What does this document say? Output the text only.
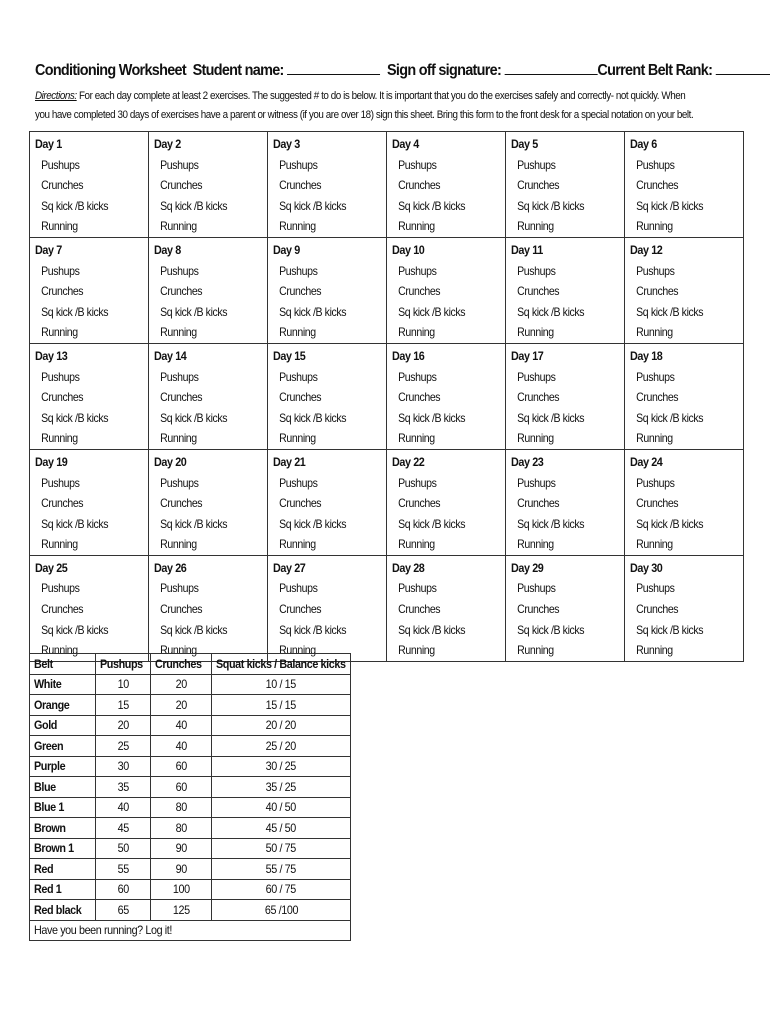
Conditioning Worksheet Student name:	Sign off signature:	Current Belt Rank:
Directions: For each day complete at least 2 exercises. The suggested # to do is below. It is important that you do the exercises safely and correctly- not quickly. When
you have completed 30 days of exercises have a parent or witness (if you are over 18) sign this sheet. Bring this form to the front desk for a special notation on your belt.
Day 1
Pushups
Crunches
Sq kick /B kicks
Running	Day 2
Pushups
Crunches
Sq kick /B kicks
Running	Day 3
Pushups
Crunches
Sq kick /B kicks
Running	Day 4
Pushups
Crunches
Sq kick /B kicks
Running	Day 5
Pushups
Crunches
Sq kick /B kicks
Running	Day 6
Pushups
Crunches
Sq kick /B kicks
Running

Day 7
Pushups
Crunches
Sq kick /B kicks
Running	Day 8
Pushups
Crunches
Sq kick /B kicks
Running	Day 9
Pushups
Crunches
Sq kick /B kicks
Running	Day 10
Pushups
Crunches
Sq kick /B kicks
Running	Day 11
Pushups
Crunches
Sq kick /B kicks
Running	Day 12
Pushups
Crunches
Sq kick /B kicks
Running

Day 13
Pushups
Crunches
Sq kick /B kicks
Running	Day 14
Pushups
Crunches
Sq kick /B kicks
Running	Day 15
Pushups
Crunches
Sq kick /B kicks
Running	Day 16
Pushups
Crunches
Sq kick /B kicks
Running	Day 17
Pushups
Crunches
Sq kick /B kicks
Running	Day 18
Pushups
Crunches
Sq kick /B kicks
Running

Day 19
Pushups
Crunches
Sq kick /B kicks
Running	Day 20
Pushups
Crunches
Sq kick /B kicks
Running	Day 21
Pushups
Crunches
Sq kick /B kicks
Running	Day 22
Pushups
Crunches
Sq kick /B kicks
Running	Day 23
Pushups
Crunches
Sq kick /B kicks
Running	Day 24
Pushups
Crunches
Sq kick /B kicks
Running

Day 25
Pushups
Crunches
Sq kick /B kicks
Running	Day 26
Pushups
Crunches
Sq kick /B kicks
Running	Day 27
Pushups
Crunches
Sq kick /B kicks
Running	Day 28
Pushups
Crunches
Sq kick /B kicks
Running	Day 29
Pushups
Crunches
Sq kick /B kicks
Running	Day 30
Pushups
Crunches
Sq kick /B kicks
Running
Belt	Pushups	Crunches	Squat kicks / Balance kicks
White	10	20	10 / 15
Orange	15	20	15 / 15
Gold	20	40	20 / 20
Green	25	40	25 / 20
Purple	30	60	30 / 25
Blue	35	60	35 / 25
Blue 1	40	80	40 / 50
Brown	45	80	45 / 50
Brown 1	50	90	50 / 75
Red	55	90	55 / 75
Red 1	60	100	60 / 75
Red black	65	125	65 /100
Have you been running? Log it!			
